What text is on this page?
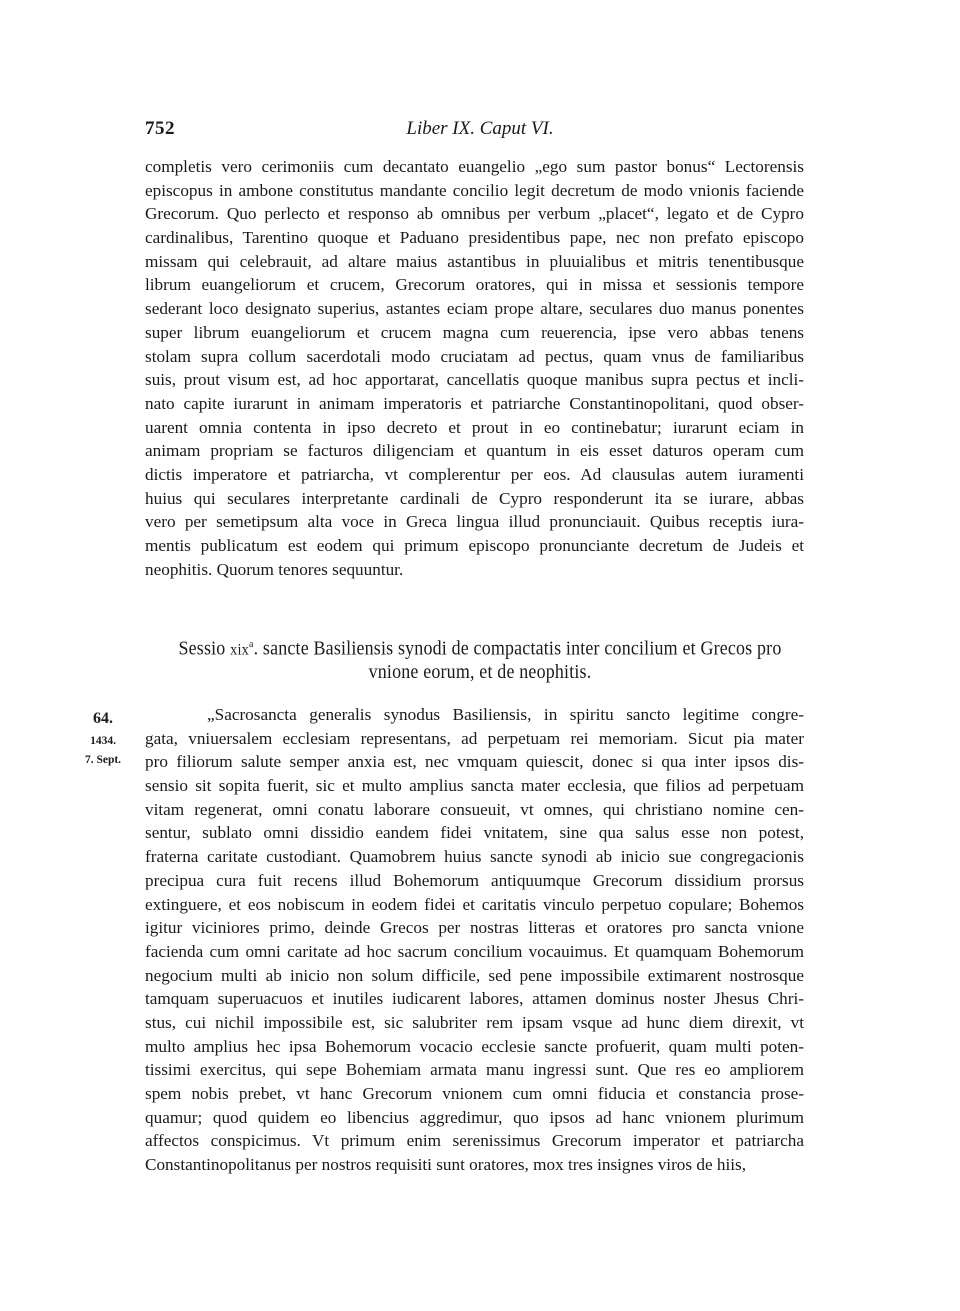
752	Liber IX. Caput VI.
completis vero cerimoniis cum decantato euangelio „ego sum pastor bonus“ Lectorensis
episcopus in ambone constitutus mandante concilio legit decretum de modo vnionis faciende
Grecorum. Quo perlecto et responso ab omnibus per verbum „placet“, legato et de Cypro
cardinalibus, Tarentino quoque et Paduano presidentibus pape, nec non prefato episcopo
missam qui celebrauit, ad altare maius astantibus in pluuialibus et mitris tenentibusque
librum euangeliorum et crucem, Grecorum oratores, qui in missa et sessionis tempore
sederant loco designato superius, astantes eciam prope altare, seculares duo manus ponentes
super librum euangeliorum et crucem magna cum reuerencia, ipse vero abbas tenens
stolam supra collum sacerdotali modo cruciatam ad pectus, quam vnus de familiaribus
suis, prout visum est, ad hoc apportarat, cancellatis quoque manibus supra pectus et incli-
nato capite iurarunt in animam imperatoris et patriarche Constantinopolitani, quod obser-
uarent omnia contenta in ipso decreto et prout in eo continebatur; iurarunt eciam in
animam propriam se facturos diligenciam et quantum in eis esset daturos operam cum
dictis imperatore et patriarcha, vt complerentur per eos. Ad clausulas autem iuramenti
huius qui seculares interpretante cardinali de Cypro responderunt ita se iurare, abbas
vero per semetipsum alta voce in Greca lingua illud pronunciauit. Quibus receptis iura-
mentis publicatum est eodem qui primum episcopo pronunciante decretum de Judeis et
neophitis. Quorum tenores sequuntur.
Sessio xix$^a$. sancte Basiliensis synodi de compactatis inter concilium et Grecos pro
vnione eorum, et de neophitis.
64.
1434.
7. Sept.
„Sacrosancta generalis synodus Basiliensis, in spiritu sancto legitime congre-
gata, vniuersalem ecclesiam representans, ad perpetuam rei memoriam. Sicut pia mater
pro filiorum salute semper anxia est, nec vmquam quiescit, donec si qua inter ipsos dis-
sensio sit sopita fuerit, sic et multo amplius sancta mater ecclesia, que filios ad perpetuam
vitam regenerat, omni conatu laborare consueuit, vt omnes, qui christiano nomine cen-
sentur, sublato omni dissidio eandem fidei vnitatem, sine qua salus esse non potest,
fraterna caritate custodiant. Quamobrem huius sancte synodi ab inicio sue congregacionis
precipua cura fuit recens illud Bohemorum antiquumque Grecorum dissidium prorsus
extinguere, et eos nobiscum in eodem fidei et caritatis vinculo perpetuo copulare; Bohemos
igitur viciniores primo, deinde Grecos per nostras litteras et oratores pro sancta vnione
facienda cum omni caritate ad hoc sacrum concilium vocauimus. Et quamquam Bohemorum
negocium multi ab inicio non solum difficile, sed pene impossibile extimarent nostrosque
tamquam superuacuos et inutiles iudicarent labores, attamen dominus noster Jhesus Chri-
stus, cui nichil impossibile est, sic salubriter rem ipsam vsque ad hunc diem direxit, vt
multo amplius hec ipsa Bohemorum vocacio ecclesie sancte profuerit, quam multi poten-
tissimi exercitus, qui sepe Bohemiam armata manu ingressi sunt. Que res eo ampliorem
spem nobis prebet, vt hanc Grecorum vnionem cum omni fiducia et constancia prose-
quamur; quod quidem eo libencius aggredimur, quo ipsos ad hanc vnionem plurimum
affectos conspicimus. Vt primum enim serenissimus Grecorum imperator et patriarcha
Constantinopolitanus per nostros requisiti sunt oratores, mox tres insignes viros de hiis,
